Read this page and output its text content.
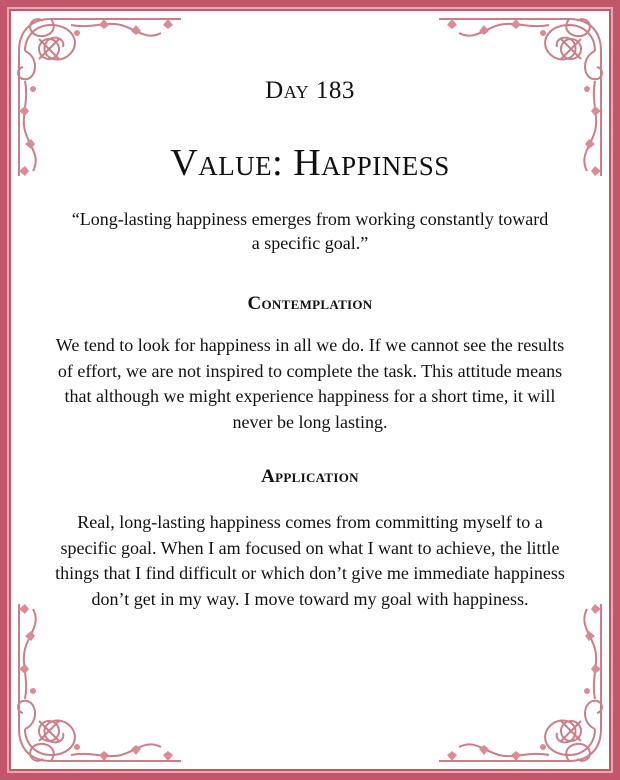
Day 183
Value: Happiness
“Long-lasting happiness emerges from working constantly toward a specific goal.”
Contemplation
We tend to look for happiness in all we do. If we cannot see the results of effort, we are not inspired to complete the task. This attitude means that although we might experience happiness for a short time, it will never be long lasting.
Application
Real, long-lasting happiness comes from committing myself to a specific goal. When I am focused on what I want to achieve, the little things that I find difficult or which don’t give me immediate happiness don’t get in my way. I move toward my goal with happiness.
